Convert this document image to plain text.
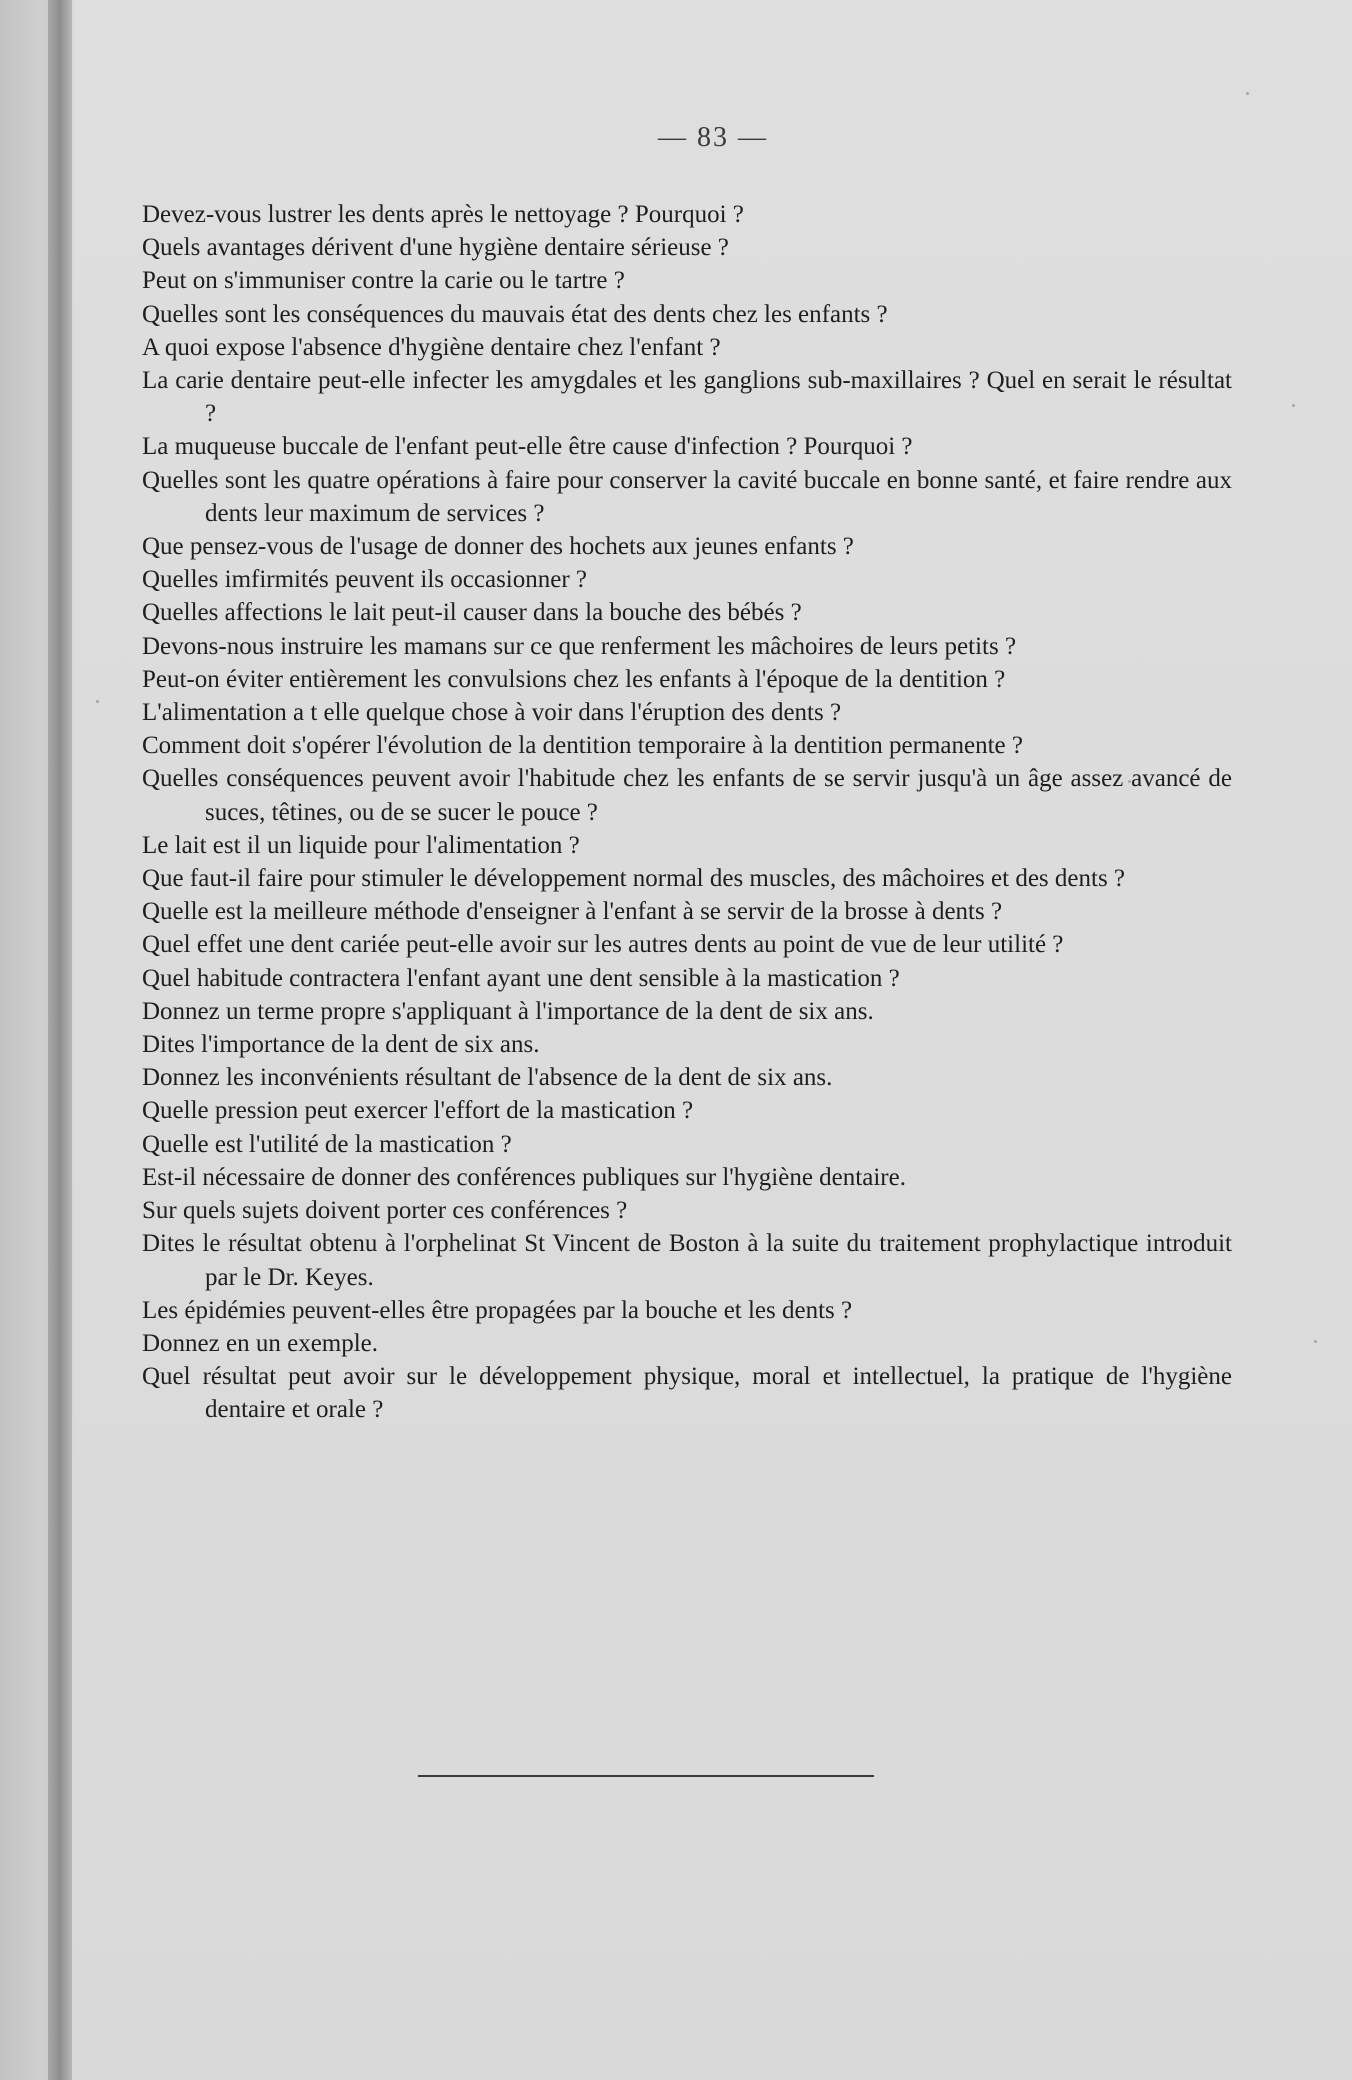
— 83 —
Devez-vous lustrer les dents après le nettoyage ? Pourquoi ?
Quels avantages dérivent d'une hygiène dentaire sérieuse ?
Peut on s'immuniser contre la carie ou le tartre ?
Quelles sont les conséquences du mauvais état des dents chez les enfants ?
A quoi expose l'absence d'hygiène dentaire chez l'enfant ?
La carie dentaire peut-elle infecter les amygdales et les ganglions sub-maxillaires ? Quel en serait le résultat ?
La muqueuse buccale de l'enfant peut-elle être cause d'infection ? Pourquoi ?
Quelles sont les quatre opérations à faire pour conserver la cavité buccale en bonne santé, et faire rendre aux dents leur maximum de services ?
Que pensez-vous de l'usage de donner des hochets aux jeunes enfants ?
Quelles imfirmités peuvent ils occasionner ?
Quelles affections le lait peut-il causer dans la bouche des bébés ?
Devons-nous instruire les mamans sur ce que renferment les mâchoires de leurs petits ?
Peut-on éviter entièrement les convulsions chez les enfants à l'époque de la dentition ?
L'alimentation a t elle quelque chose à voir dans l'éruption des dents ?
Comment doit s'opérer l'évolution de la dentition temporaire à la dentition permanente ?
Quelles conséquences peuvent avoir l'habitude chez les enfants de se servir jusqu'à un âge assez avancé de suces, têtines, ou de se sucer le pouce ?
Le lait est il un liquide pour l'alimentation ?
Que faut-il faire pour stimuler le développement normal des muscles, des mâchoires et des dents ?
Quelle est la meilleure méthode d'enseigner à l'enfant à se servir de la brosse à dents ?
Quel effet une dent cariée peut-elle avoir sur les autres dents au point de vue de leur utilité ?
Quel habitude contractera l'enfant ayant une dent sensible à la mastication ?
Donnez un terme propre s'appliquant à l'importance de la dent de six ans.
Dites l'importance de la dent de six ans.
Donnez les inconvénients résultant de l'absence de la dent de six ans.
Quelle pression peut exercer l'effort de la mastication ?
Quelle est l'utilité de la mastication ?
Est-il nécessaire de donner des conférences publiques sur l'hygiène dentaire.
Sur quels sujets doivent porter ces conférences ?
Dites le résultat obtenu à l'orphelinat St Vincent de Boston à la suite du traitement prophylactique introduit par le Dr. Keyes.
Les épidémies peuvent-elles être propagées par la bouche et les dents ?
Donnez en un exemple.
Quel résultat peut avoir sur le développement physique, moral et intellectuel, la pratique de l'hygiène dentaire et orale ?
